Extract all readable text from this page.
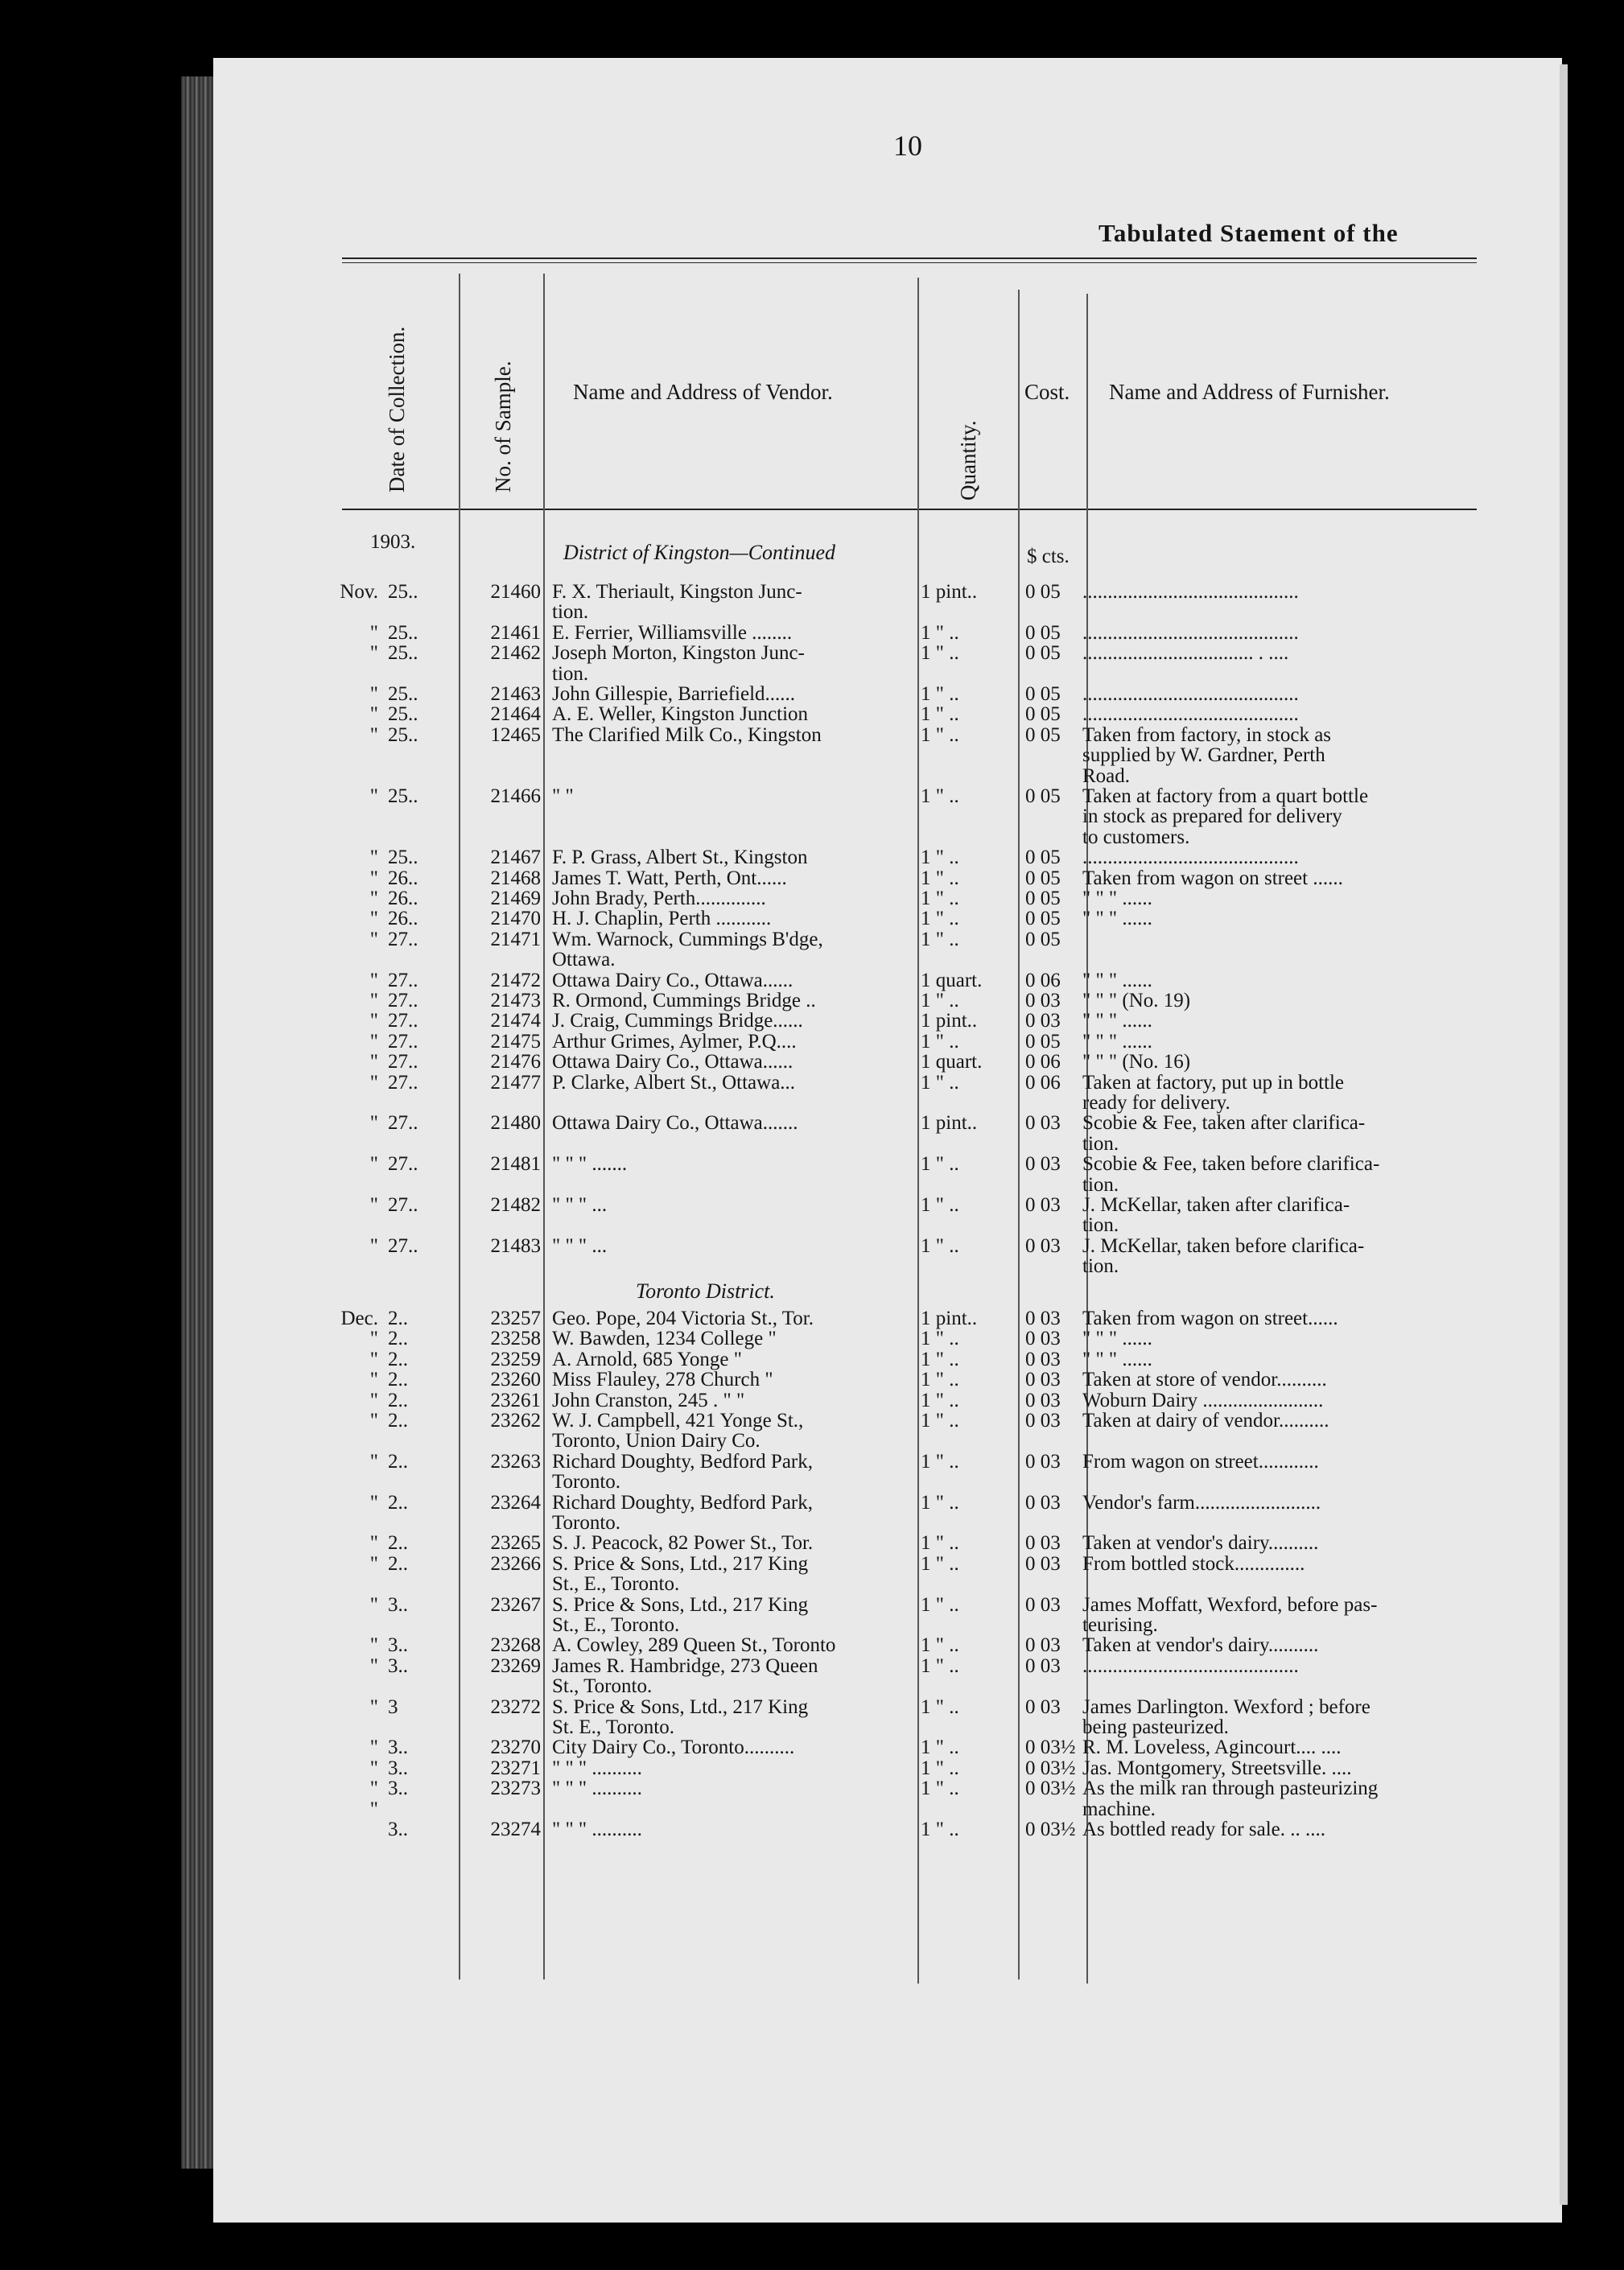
10
Tabulated Staement of the
Date of Collection.	No. of Sample.	Name and Address of Vendor.
Quantity.
Cost. Name and Address of Furnisher.
1903.	District of Kingston—Continued	$ cts.
Nov. 25..	21460 F. X. Theriault, Kingston Junc-	1 pint.. 0 05 ...........................................
tion.
" 25..	21461 E. Ferrier, Williamsville ........	1 " ..	0 05 ...........................................
" 25..	21462 Joseph Morton, Kingston Junc-	1 " ..	0 05 .................................. . ....
tion.
" 25..	21463 John Gillespie, Barriefield......	1 " ..	0 05 ...........................................
" 25..	21464 A. E. Weller, Kingston Junction	1 " ..	0 05 ...........................................
" 25..	12465 The Clarified Milk Co., Kingston	1 " ..	0 05 Taken from factory, in stock as
supplied by W. Gardner, Perth
Road.
" 25..	21466 " "	1 " ..	0 05 Taken at factory from a quart bottle
in stock as prepared for delivery
to customers.
" 25..	21467 F. P. Grass, Albert St., Kingston	1 " ..	0 05 ...........................................
" 26..	21468 James T. Watt, Perth, Ont......	1 " ..	0 05 Taken from wagon on street ......
" 26..	21469 John Brady, Perth..............	1 " ..	0 05 " " " ......
" 26..	21470 H. J. Chaplin, Perth ...........	1 " ..	0 05 " " " ......
" 27..	21471 Wm. Warnock, Cummings B'dge,	1 " ..	0 05
Ottawa.
" 27..	21472 Ottawa Dairy Co., Ottawa......	1 quart. 0 06 " " " ......
" 27..	21473 R. Ormond, Cummings Bridge ..	1 " ..	0 03 " " " (No. 19)
" 27..	21474 J. Craig, Cummings Bridge......	1 pint.. 0 03 " " " ......
" 27..	21475 Arthur Grimes, Aylmer, P.Q....	1 " ..	0 05 " " " ......
" 27..	21476 Ottawa Dairy Co., Ottawa......	1 quart. 0 06 " " " (No. 16)
" 27..	21477 P. Clarke, Albert St., Ottawa...	1 " ..	0 06 Taken at factory, put up in bottle
ready for delivery.
" 27..	21480 Ottawa Dairy Co., Ottawa.......	1 pint.. 0 03 Scobie & Fee, taken after clarifica-
tion.
" 27..	21481 " " " .......	1 " ..	0 03 Scobie & Fee, taken before clarifica-
tion.
" 27..	21482 " " " ...	1 " ..	0 03 J. McKellar, taken after clarifica-
tion.
" 27..	21483 " " " ...	1 " ..	0 03 J. McKellar, taken before clarifica-
tion.
Toronto District.
Dec. 2..	23257 Geo. Pope, 204 Victoria St., Tor.	1 pint.. 0 03 Taken from wagon on street......
" 2..	23258 W. Bawden, 1234 College "	1 " ..	0 03 " " " ......
" 2..	23259 A. Arnold, 685 Yonge "	1 " ..	0 03 " " " ......
" 2..	23260 Miss Flauley, 278 Church "	1 " ..	0 03 Taken at store of vendor..........
" 2..	23261 John Cranston, 245 . " "	1 " ..	0 03 Woburn Dairy ........................
" 2..	23262 W. J. Campbell, 421 Yonge St.,	1 " ..	0 03 Taken at dairy of vendor..........
Toronto, Union Dairy Co.
" 2..	23263 Richard Doughty, Bedford Park,	1 " ..	0 03 From wagon on street............
Toronto.
" 2..	23264 Richard Doughty, Bedford Park,	1 " ..	0 03 Vendor's farm.........................
Toronto.
" 2..	23265 S. J. Peacock, 82 Power St., Tor.	1 " ..	0 03 Taken at vendor's dairy..........
" 2..	23266 S. Price & Sons, Ltd., 217 King	1 " ..	0 03 From bottled stock..............
St., E., Toronto.
" 3..	23267 S. Price & Sons, Ltd., 217 King	1 " ..	0 03 James Moffatt, Wexford, before pas-
St., E., Toronto.	teurising.
" 3..	23268 A. Cowley, 289 Queen St., Toronto	1 " ..	0 03 Taken at vendor's dairy..........
" 3..	23269 James R. Hambridge, 273 Queen	1 " ..	0 03 ...........................................
St., Toronto.
" 3	23272 S. Price & Sons, Ltd., 217 King	1 " ..	0 03 James Darlington. Wexford ; before
St. E., Toronto.	being pasteurized.
" 3..	23270 City Dairy Co., Toronto..........	1 " ..	0 03½ R. M. Loveless, Agincourt.... ....
" 3..	23271 " " " ..........	1 " ..	0 03½ Jas. Montgomery, Streetsville. ....
" 3..	23273 " " " ..........	1 " ..	0 03½ As the milk ran through pasteurizing
"	machine.
3..	23274 " " " ..........	1 " ..	0 03½ As bottled ready for sale. .. ....
